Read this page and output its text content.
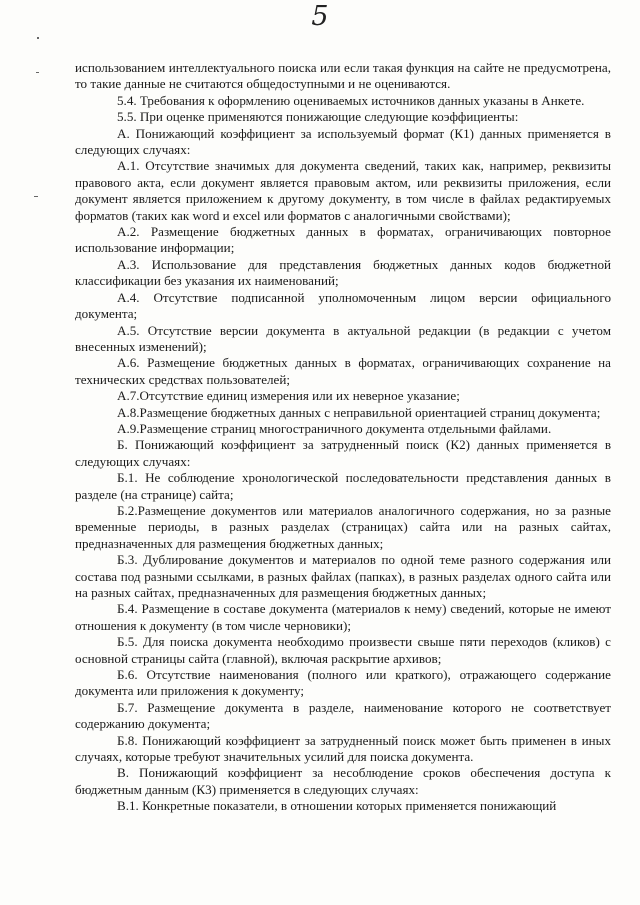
5

использованием интеллектуального поиска или если такая функция на сайте не предусмотрена, то такие данные не считаются общедоступными и не оцениваются.

5.4. Требования к оформлению оцениваемых источников данных указаны в Анкете.

5.5. При оценке применяются понижающие следующие коэффициенты:

А. Понижающий коэффициент за используемый формат (К1) данных применяется в следующих случаях:

А.1. Отсутствие значимых для документа сведений, таких как, например, реквизиты правового акта, если документ является правовым актом, или реквизиты приложения, если документ является приложением к другому документу, в том числе в файлах редактируемых форматов (таких как word и excel или форматов с аналогичными свойствами);

А.2. Размещение бюджетных данных в форматах, ограничивающих повторное использование информации;

А.3. Использование для представления бюджетных данных кодов бюджетной классификации без указания их наименований;

А.4. Отсутствие подписанной уполномоченным лицом версии официального документа;

А.5. Отсутствие версии документа в актуальной редакции (в редакции с учетом внесенных изменений);

А.6. Размещение бюджетных данных в форматах, ограничивающих сохранение на технических средствах пользователей;

А.7.Отсутствие единиц измерения или их неверное указание;

А.8.Размещение бюджетных данных с неправильной ориентацией страниц документа;

А.9.Размещение страниц многостраничного документа отдельными файлами.

Б. Понижающий коэффициент за затрудненный поиск (К2) данных применяется в следующих случаях:

Б.1. Не соблюдение хронологической последовательности представления данных в разделе (на странице) сайта;

Б.2.Размещение документов или материалов аналогичного содержания, но за разные временные периоды, в разных разделах (страницах) сайта или на разных сайтах, предназначенных для размещения бюджетных данных;

Б.3. Дублирование документов и материалов по одной теме разного содержания или состава под разными ссылками, в разных файлах (папках), в разных разделах одного сайта или на разных сайтах, предназначенных для размещения бюджетных данных;

Б.4. Размещение в составе документа (материалов к нему) сведений, которые не имеют отношения к документу (в том числе черновики);

Б.5. Для поиска документа необходимо произвести свыше пяти переходов (кликов) с основной страницы сайта (главной), включая раскрытие архивов;

Б.6. Отсутствие наименования (полного или краткого), отражающего содержание документа или приложения к документу;

Б.7. Размещение документа в разделе, наименование которого не соответствует содержанию документа;

Б.8. Понижающий коэффициент за затрудненный поиск может быть применен в иных случаях, которые требуют значительных усилий для поиска документа.

В. Понижающий коэффициент за несоблюдение сроков обеспечения доступа к бюджетным данным (К3) применяется в следующих случаях:

В.1. Конкретные показатели, в отношении которых применяется понижающий
